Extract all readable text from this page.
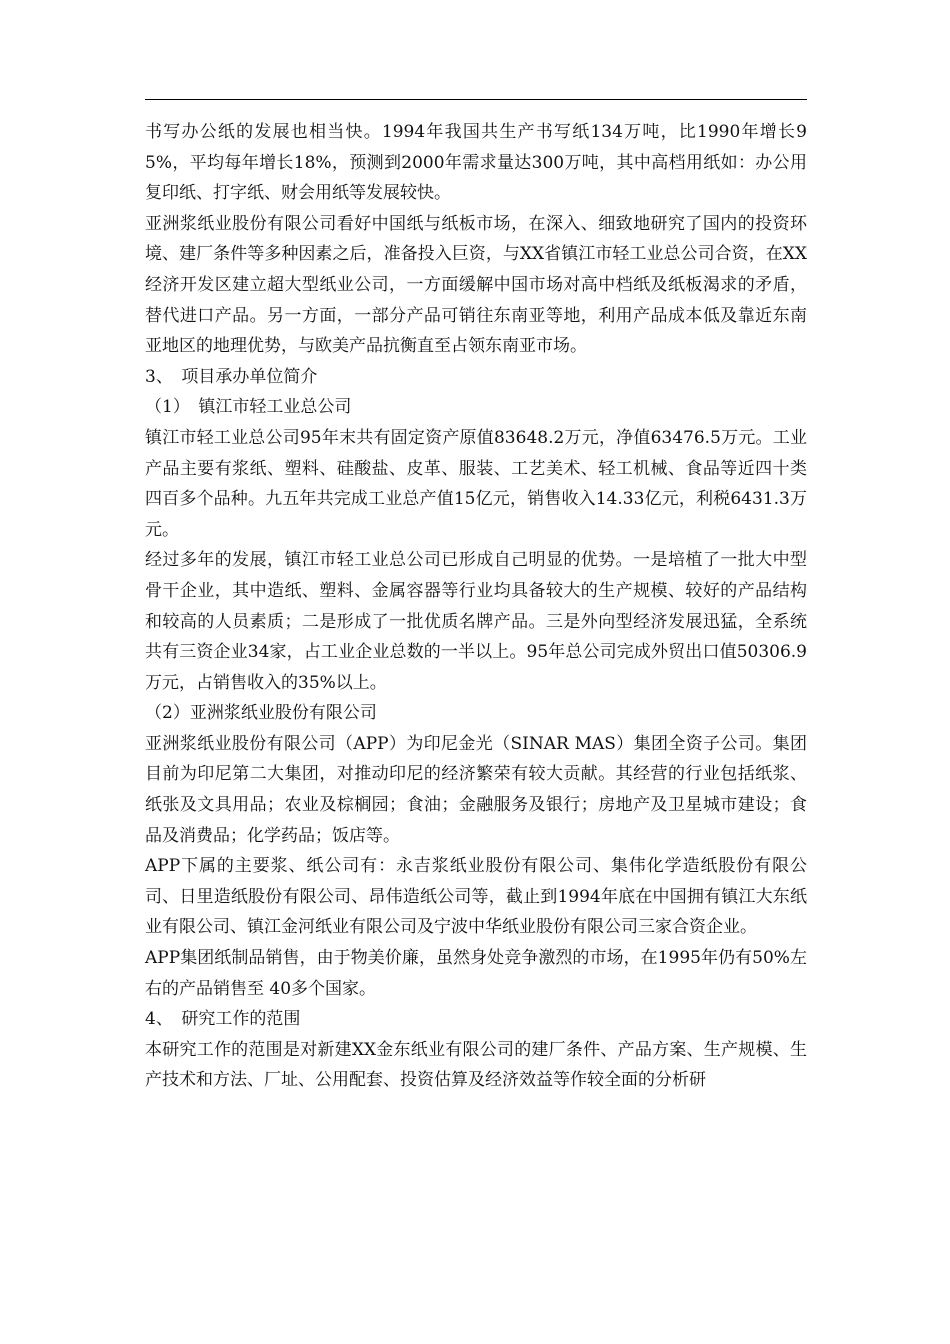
书写办公纸的发展也相当快。1994年我国共生产书写纸134万吨，比1990年增长95%，平均每年增长18%，预测到2000年需求量达300万吨，其中高档用纸如：办公用复印纸、打字纸、财会用纸等发展较快。

亚洲浆纸业股份有限公司看好中国纸与纸板市场，在深入、细致地研究了国内的投资环境、建厂条件等多种因素之后，准备投入巨资，与XX省镇江市轻工业总公司合资，在XX经济开发区建立超大型纸业公司，一方面缓解中国市场对高中档纸及纸板渴求的矛盾，替代进口产品。另一方面，一部分产品可销往东南亚等地，利用产品成本低及靠近东南亚地区的地理优势，与欧美产品抗衡直至占领东南亚市场。

3、　项目承办单位简介

（1）　镇江市轻工业总公司

镇江市轻工业总公司95年末共有固定资产原值83648.2万元，净值63476.5万元。工业产品主要有浆纸、塑料、硅酸盐、皮革、服装、工艺美术、轻工机械、食品等近四十类四百多个品种。九五年共完成工业总产值15亿元，销售收入14.33亿元，利税6431.3万元。

经过多年的发展，镇江市轻工业总公司已形成自己明显的优势。一是培植了一批大中型骨干企业，其中造纸、塑料、金属容器等行业均具备较大的生产规模、较好的产品结构和较高的人员素质；二是形成了一批优质名牌产品。三是外向型经济发展迅猛，全系统共有三资企业34家，占工业企业总数的一半以上。95年总公司完成外贸出口值50306.9万元，占销售收入的35%以上。

（2）亚洲浆纸业股份有限公司

亚洲浆纸业股份有限公司（APP）为印尼金光（SINAR MAS）集团全资子公司。集团目前为印尼第二大集团，对推动印尼的经济繁荣有较大贡献。其经营的行业包括纸浆、纸张及文具用品；农业及棕榈园；食油；金融服务及银行；房地产及卫星城市建设；食品及消费品；化学药品；饭店等。

APP下属的主要浆、纸公司有：永吉浆纸业股份有限公司、集伟化学造纸股份有限公司、日里造纸股份有限公司、昂伟造纸公司等，截止到1994年底在中国拥有镇江大东纸业有限公司、镇江金河纸业有限公司及宁波中华纸业股份有限公司三家合资企业。

APP集团纸制品销售，由于物美价廉，虽然身处竞争激烈的市场，在1995年仍有50%左右的产品销售至 40多个国家。

4、　研究工作的范围

本研究工作的范围是对新建XX金东纸业有限公司的建厂条件、产品方案、生产规模、生产技术和方法、厂址、公用配套、投资估算及经济效益等作较全面的分析研
